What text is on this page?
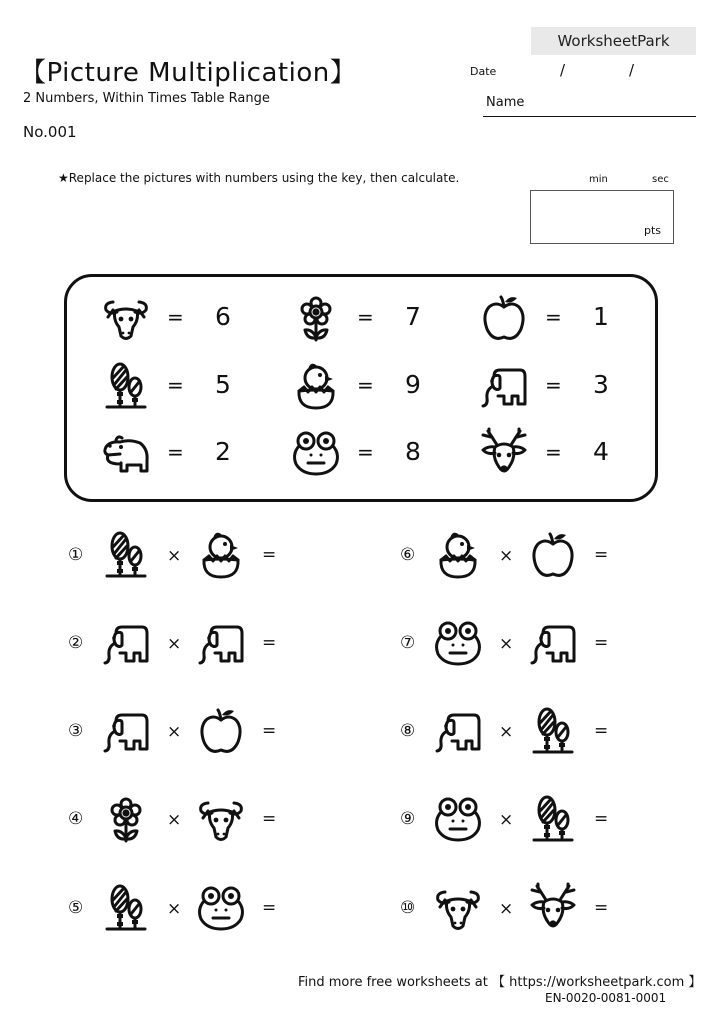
WorksheetPark
【Picture Multiplication】
2 Numbers, Within Times Table Range
No.001
Date	/	/
Name
★Replace the pictures with numbers using the key, then calculate.	min	sec
pts
= 6	= 7	= 1
= 5	= 9	= 3
= 2	= 8	= 4
①	×	=
②	×	=
③	×	=
④	×	=
⑤	×	=
⑥	×	=
⑦	×	=
⑧	×	=
⑨	×	=
⑩	×	=
Find more free worksheets at 【 https://worksheetpark.com 】
EN-0020-0081-0001
